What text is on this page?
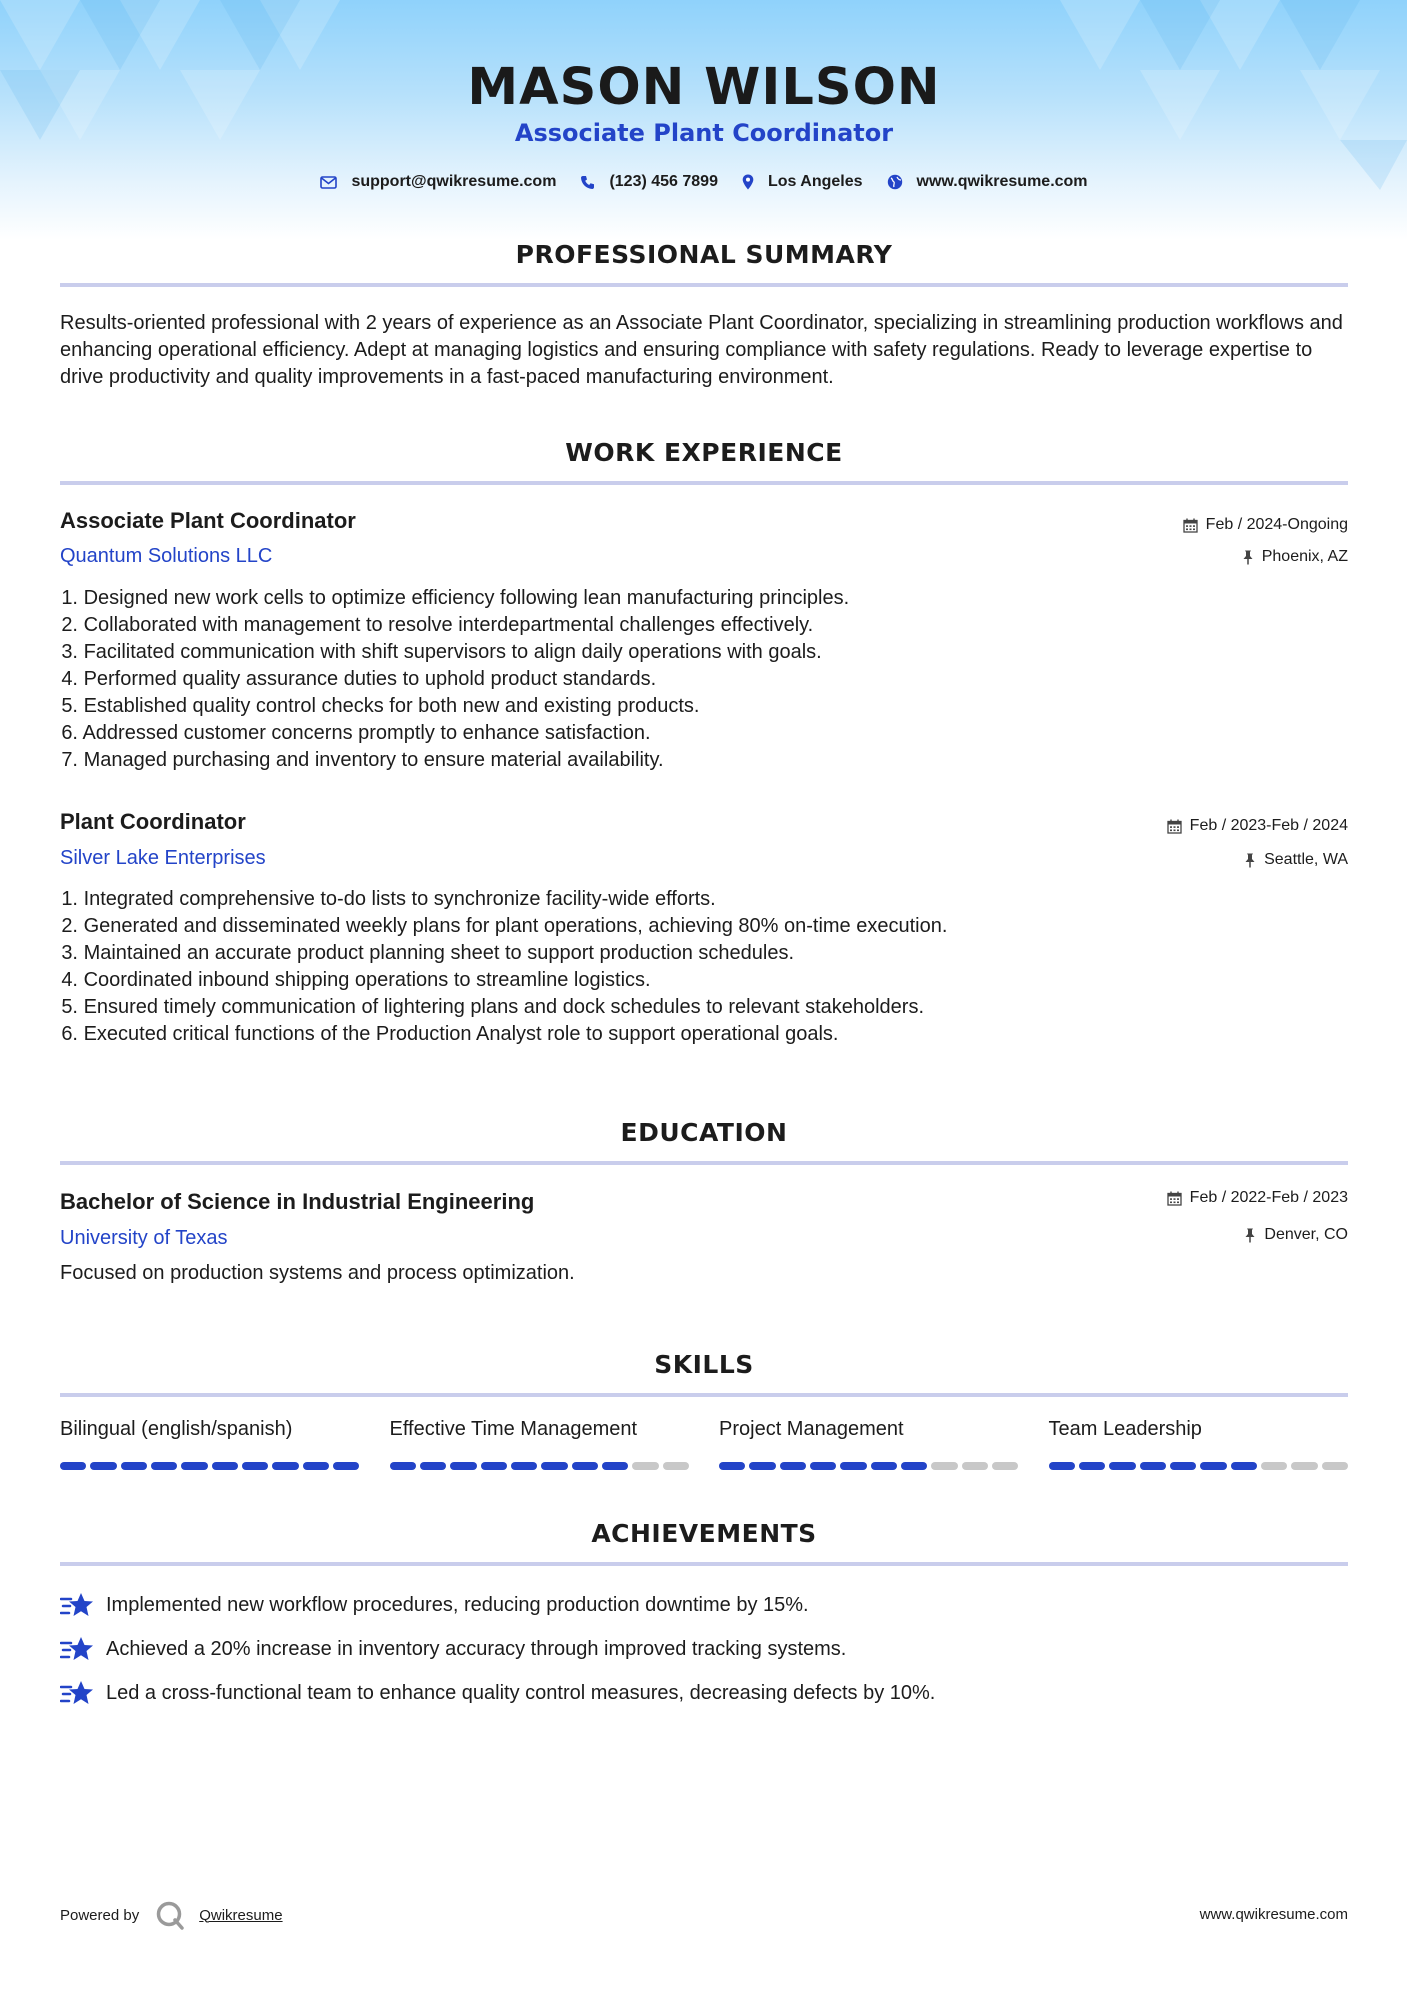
MASON WILSON
Associate Plant Coordinator
support@qwikresume.com	(123) 456 7899	Los Angeles	www.qwikresume.com
PROFESSIONAL SUMMARY
Results-oriented professional with 2 years of experience as an Associate Plant Coordinator, specializing in streamlining production workflows and enhancing operational efficiency. Adept at managing logistics and ensuring compliance with safety regulations. Ready to leverage expertise to drive productivity and quality improvements in a fast-paced manufacturing environment.
WORK EXPERIENCE
Associate Plant Coordinator
Quantum Solutions LLC
Feb / 2024-Ongoing
Phoenix, AZ
1. Designed new work cells to optimize efficiency following lean manufacturing principles.
2. Collaborated with management to resolve interdepartmental challenges effectively.
3. Facilitated communication with shift supervisors to align daily operations with goals.
4. Performed quality assurance duties to uphold product standards.
5. Established quality control checks for both new and existing products.
6. Addressed customer concerns promptly to enhance satisfaction.
7. Managed purchasing and inventory to ensure material availability.
Plant Coordinator
Silver Lake Enterprises
Feb / 2023-Feb / 2024
Seattle, WA
1. Integrated comprehensive to-do lists to synchronize facility-wide efforts.
2. Generated and disseminated weekly plans for plant operations, achieving 80% on-time execution.
3. Maintained an accurate product planning sheet to support production schedules.
4. Coordinated inbound shipping operations to streamline logistics.
5. Ensured timely communication of lightering plans and dock schedules to relevant stakeholders.
6. Executed critical functions of the Production Analyst role to support operational goals.
EDUCATION
Bachelor of Science in Industrial Engineering
University of Texas
Feb / 2022-Feb / 2023
Denver, CO
Focused on production systems and process optimization.
SKILLS
Bilingual (english/spanish)	Effective Time Management	Project Management	Team Leadership
ACHIEVEMENTS
Implemented new workflow procedures, reducing production downtime by 15%.
Achieved a 20% increase in inventory accuracy through improved tracking systems.
Led a cross-functional team to enhance quality control measures, decreasing defects by 10%.
Powered by	Qwikresume	www.qwikresume.com
